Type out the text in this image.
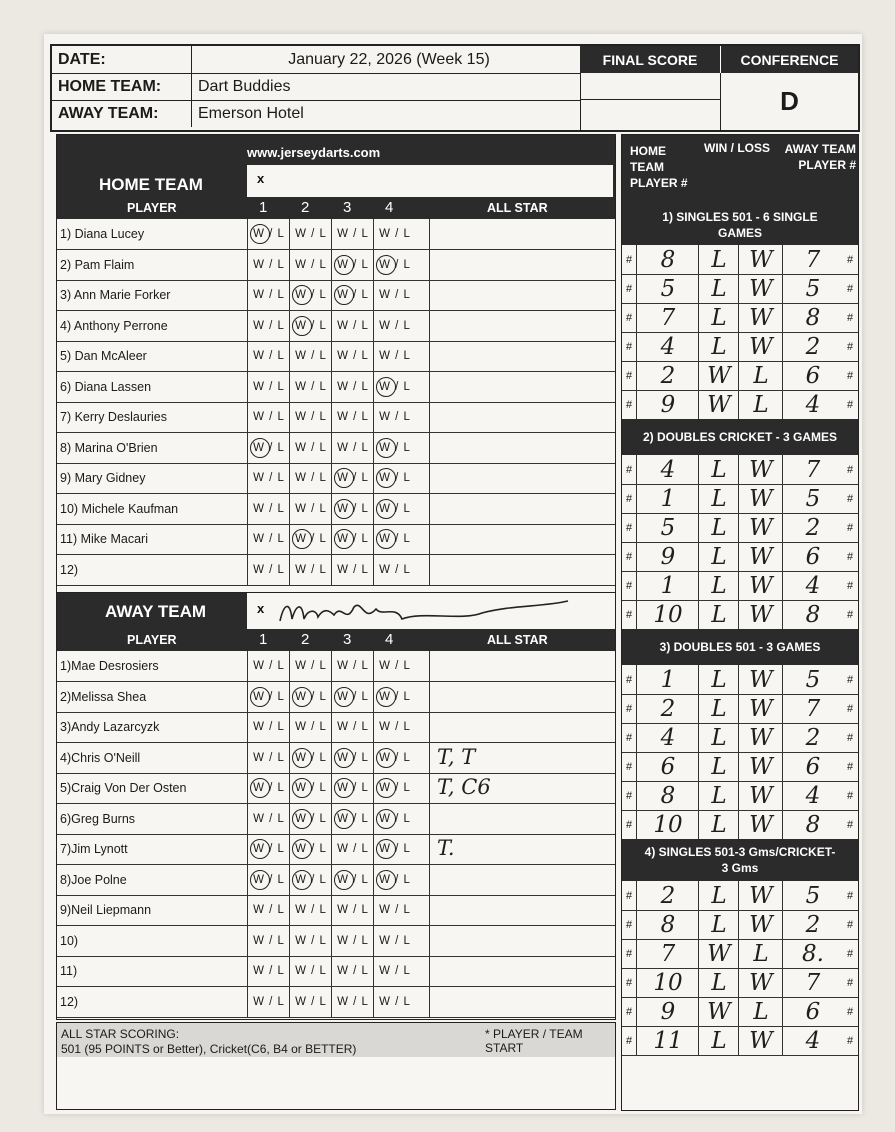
DATE:	January 22, 2026 (Week 15)
HOME TEAM:	Dart Buddies
AWAY TEAM:	Emerson Hotel
FINAL SCORE	CONFERENCE
D
www.jerseydarts.com
HOME TEAM	x
PLAYER	1 2 3 4	ALL STAR
1) Diana Lucey	W / L W / L W / L W / L
2) Pam Flaim	W / L W / L W / L W / L
3) Ann Marie Forker	W / L W / L W / L W / L
4) Anthony Perrone	W / L W / L W / L W / L
5) Dan McAleer	W / L W / L W / L W / L
6) Diana Lassen	W / L W / L W / L W / L
7) Kerry Deslauries	W / L W / L W / L W / L
8) Marina O'Brien	W / L W / L W / L W / L
9) Mary Gidney	W / L W / L W / L W / L
10) Michele Kaufman	W / L W / L W / L W / L
11) Mike Macari	W / L W / L W / L W / L
12)	W / L W / L W / L W / L
AWAY TEAM	x
PLAYER	1 2 3 4	ALL STAR
1)Mae Desrosiers	W / L W / L W / L W / L
2)Melissa Shea	W / L W / L W / L W / L
3)Andy Lazarcyzk	W / L W / L W / L W / L
4)Chris O'Neill	W / L W / L W / L W / L T, T
5)Craig Von Der Osten	W / L W / L W / L W / L T, C6
6)Greg Burns	W / L W / L W / L W / L
7)Jim Lynott	W / L W / L W / L W / L T.
8)Joe Polne	W / L W / L W / L W / L
9)Neil Liepmann	W / L W / L W / L W / L
10)	W / L W / L W / L W / L
11)	W / L W / L W / L W / L
12)	W / L W / L W / L W / L
ALL STAR SCORING:
501 (95 POINTS or Better), Cricket(C6, B4 or BETTER)
* PLAYER / TEAM START
HOME TEAM PLAYER #
WIN / LOSS AWAY TEAM PLAYER #
1) SINGLES 501 - 6 SINGLE GAMES
#	8	L W	7	#
#	5	L W	5	#
#	7	L W	8	#
#	4	L W	2	#
#	2	W L	6	#
#	9	W L	4	#
2) DOUBLES CRICKET - 3 GAMES
#	4	L W	7	#
#	1	L W	5	#
#	5	L W	2	#
#	9	L W	6	#
#	1	L W	4	#
# 10	L W	8	#
3) DOUBLES 501 - 3 GAMES
#	1	L W	5	#
#	2	L W	7	#
#	4	L W	2	#
#	6	L W	6	#
#	8	L W	4	#
# 10	L W	8	#
4) SINGLES 501-3 Gms/CRICKET-3 Gms
#	2	L W	5	#
#	8	L W	2	#
#	7	W L	8.	#
# 10	L W	7	#
#	9	W L	6	#
# 11	L W	4	#
